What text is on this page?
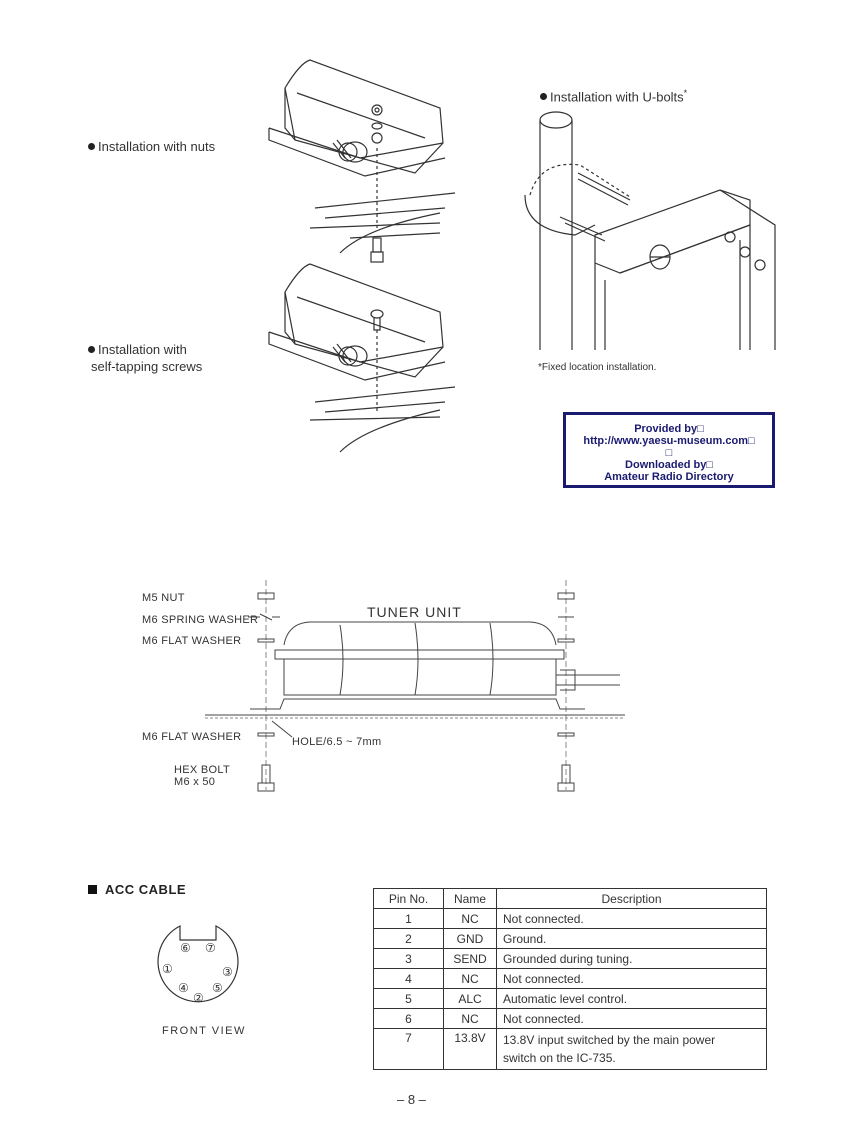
Installation with nuts
Installation with
self-tapping screws
Installation with U-bolts*
*Fixed location installation.
Provided by□
http://www.yaesu-museum.com□
□
Downloaded by□
Amateur Radio Directory
M5 NUT
M6 SPRING WASHER
M6 FLAT WASHER
M6 FLAT WASHER	HOLE/6.5 ~ 7mm
HEX BOLT
M6 x 50
TUNER UNIT
ACC CABLE
⑥ ⑦
①	③
④ ⑤
②
FRONT VIEW
Pin No.	Name	Description
1	NC	Not connected.
2	GND	Ground.
3	SEND	Grounded during tuning.
4	NC	Not connected.
5	ALC	Automatic level control.
6	NC	Not connected.
7	13.8V	13.8V input switched by the main power
switch on the IC-735.
– 8 –
